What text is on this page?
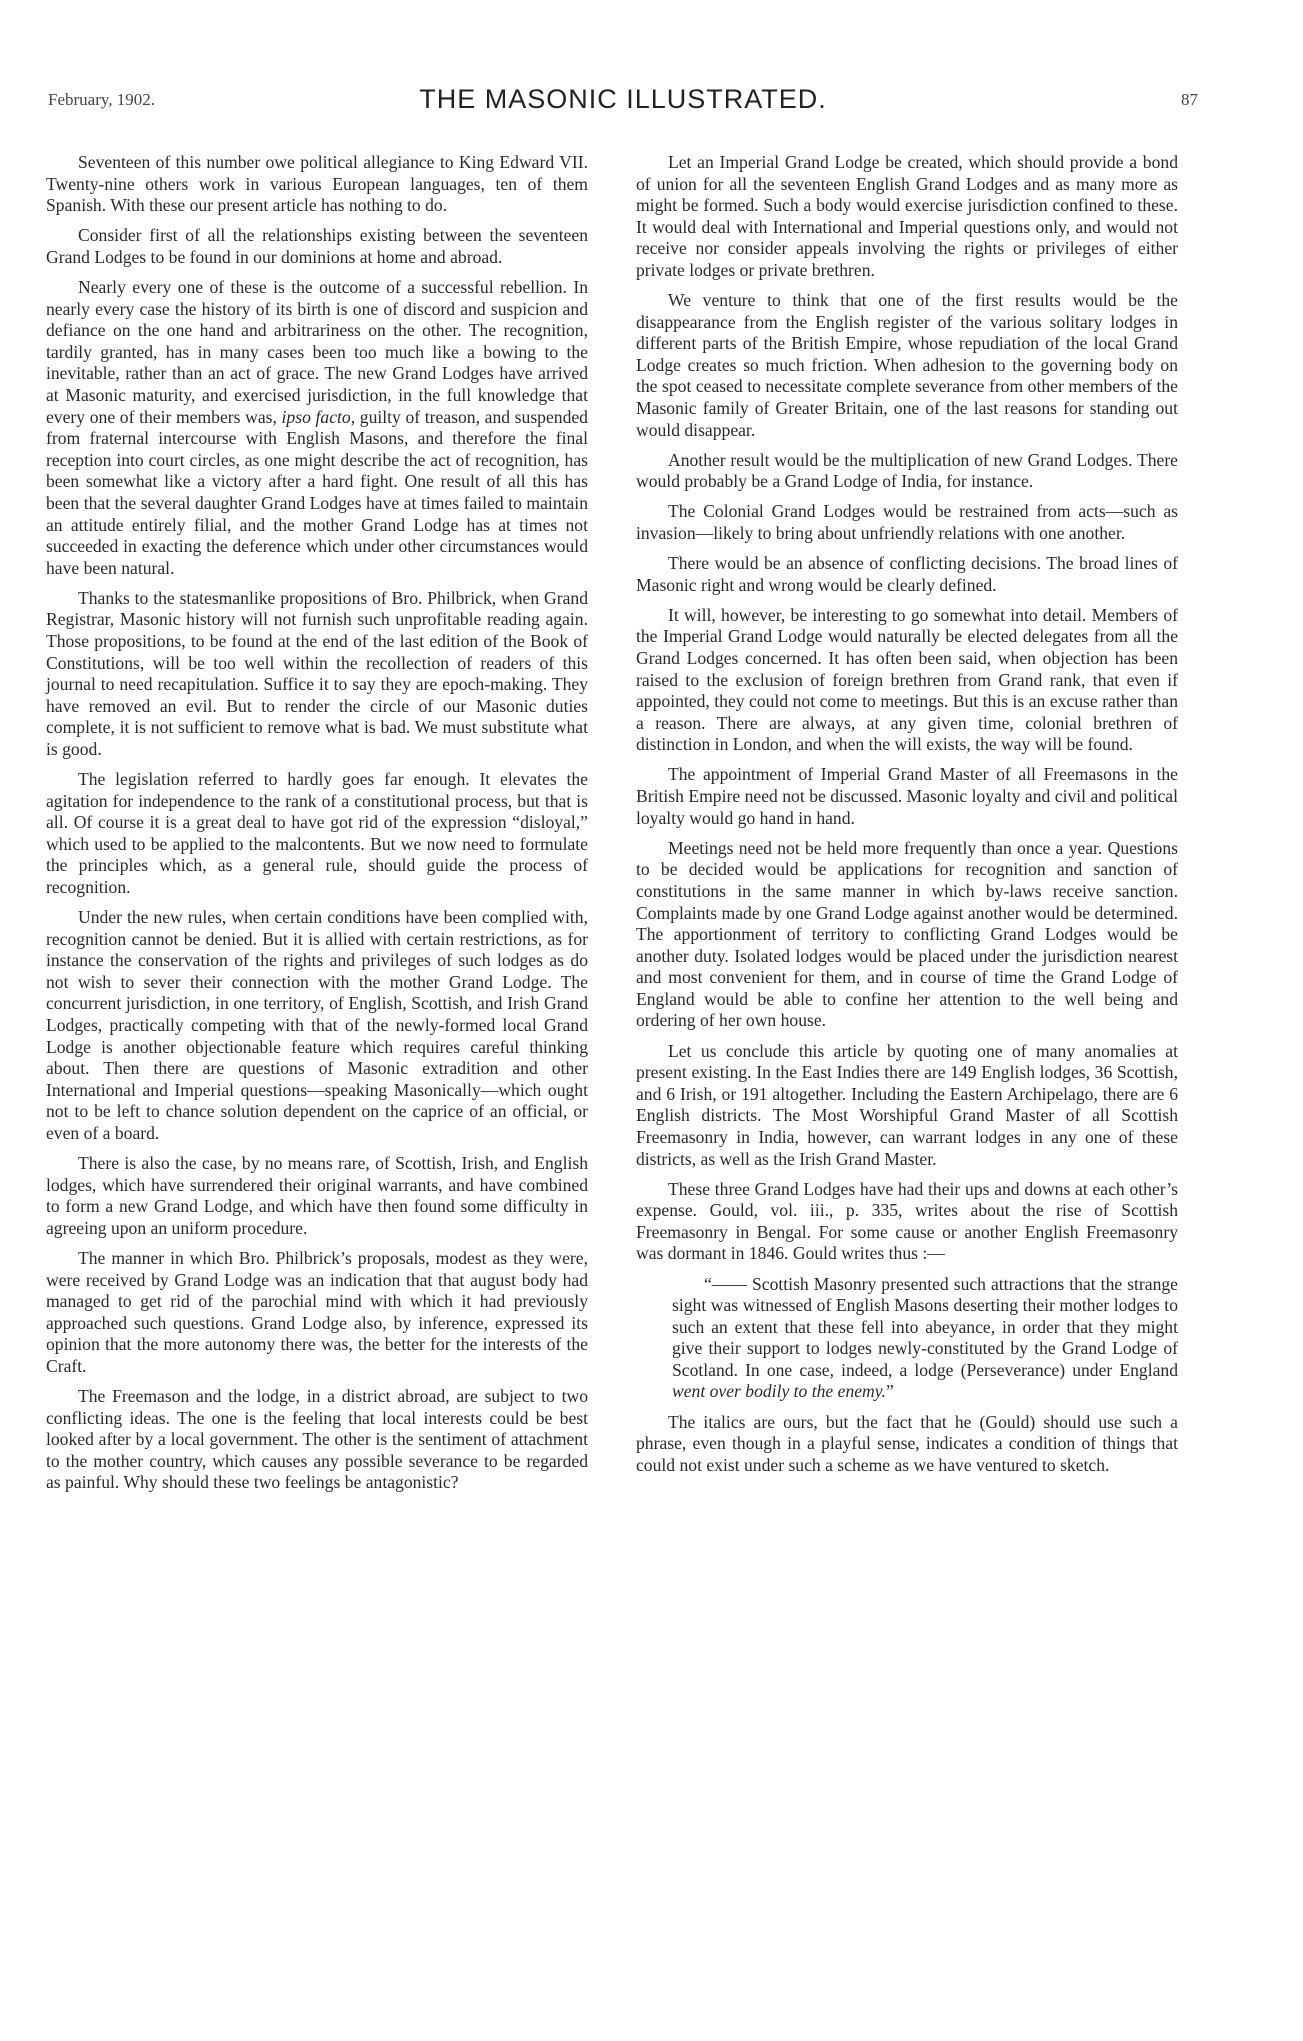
February, 1902.	THE MASONIC ILLUSTRATED.	87

Seventeen of this number owe political allegiance to King Edward VII. Twenty-nine others work in various European languages, ten of them Spanish. With these our present article has nothing to do.

Consider first of all the relationships existing between the seventeen Grand Lodges to be found in our dominions at home and abroad.

Nearly every one of these is the outcome of a successful rebellion. In nearly every case the history of its birth is one of discord and suspicion and defiance on the one hand and arbitrariness on the other. The recognition, tardily granted, has in many cases been too much like a bowing to the inevitable, rather than an act of grace. The new Grand Lodges have arrived at Masonic maturity, and exercised jurisdiction, in the full knowledge that every one of their members was, ipso facto, guilty of treason, and suspended from fraternal intercourse with English Masons, and therefore the final reception into court circles, as one might describe the act of recognition, has been somewhat like a victory after a hard fight. One result of all this has been that the several daughter Grand Lodges have at times failed to maintain an attitude entirely filial, and the mother Grand Lodge has at times not succeeded in exacting the deference which under other circumstances would have been natural.

Thanks to the statesmanlike propositions of Bro. Philbrick, when Grand Registrar, Masonic history will not furnish such unprofitable reading again. Those propositions, to be found at the end of the last edition of the Book of Constitutions, will be too well within the recollection of readers of this journal to need recapitulation. Suffice it to say they are epoch-making. They have removed an evil. But to render the circle of our Masonic duties complete, it is not sufficient to remove what is bad. We must substitute what is good.

The legislation referred to hardly goes far enough. It elevates the agitation for independence to the rank of a constitutional process, but that is all. Of course it is a great deal to have got rid of the expression “disloyal,” which used to be applied to the malcontents. But we now need to formulate the principles which, as a general rule, should guide the process of recognition.

Under the new rules, when certain conditions have been complied with, recognition cannot be denied. But it is allied with certain restrictions, as for instance the conservation of the rights and privileges of such lodges as do not wish to sever their connection with the mother Grand Lodge. The concurrent jurisdiction, in one territory, of English, Scottish, and Irish Grand Lodges, practically competing with that of the newly-formed local Grand Lodge is another objectionable feature which requires careful thinking about. Then there are questions of Masonic extradition and other International and Imperial questions—speaking Masonically—which ought not to be left to chance solution dependent on the caprice of an official, or even of a board.

There is also the case, by no means rare, of Scottish, Irish, and English lodges, which have surrendered their original warrants, and have combined to form a new Grand Lodge, and which have then found some difficulty in agreeing upon an uniform procedure.

The manner in which Bro. Philbrick’s proposals, modest as they were, were received by Grand Lodge was an indication that that august body had managed to get rid of the parochial mind with which it had previously approached such questions. Grand Lodge also, by inference, expressed its opinion that the more autonomy there was, the better for the interests of the Craft.

The Freemason and the lodge, in a district abroad, are subject to two conflicting ideas. The one is the feeling that local interests could be best looked after by a local government. The other is the sentiment of attachment to the mother country, which causes any possible severance to be regarded as painful. Why should these two feelings be antagonistic?

Let an Imperial Grand Lodge be created, which should provide a bond of union for all the seventeen English Grand Lodges and as many more as might be formed. Such a body would exercise jurisdiction confined to these. It would deal with International and Imperial questions only, and would not receive nor consider appeals involving the rights or privileges of either private lodges or private brethren.

We venture to think that one of the first results would be the disappearance from the English register of the various solitary lodges in different parts of the British Empire, whose repudiation of the local Grand Lodge creates so much friction. When adhesion to the governing body on the spot ceased to necessitate complete severance from other members of the Masonic family of Greater Britain, one of the last reasons for standing out would disappear.

Another result would be the multiplication of new Grand Lodges. There would probably be a Grand Lodge of India, for instance.

The Colonial Grand Lodges would be restrained from acts—such as invasion—likely to bring about unfriendly relations with one another.

There would be an absence of conflicting decisions. The broad lines of Masonic right and wrong would be clearly defined.

It will, however, be interesting to go somewhat into detail. Members of the Imperial Grand Lodge would naturally be elected delegates from all the Grand Lodges concerned. It has often been said, when objection has been raised to the exclusion of foreign brethren from Grand rank, that even if appointed, they could not come to meetings. But this is an excuse rather than a reason. There are always, at any given time, colonial brethren of distinction in London, and when the will exists, the way will be found.

The appointment of Imperial Grand Master of all Freemasons in the British Empire need not be discussed. Masonic loyalty and civil and political loyalty would go hand in hand.

Meetings need not be held more frequently than once a year. Questions to be decided would be applications for recognition and sanction of constitutions in the same manner in which by-laws receive sanction. Complaints made by one Grand Lodge against another would be determined. The apportionment of territory to conflicting Grand Lodges would be another duty. Isolated lodges would be placed under the jurisdiction nearest and most convenient for them, and in course of time the Grand Lodge of England would be able to confine her attention to the well being and ordering of her own house.

Let us conclude this article by quoting one of many anomalies at present existing. In the East Indies there are 149 English lodges, 36 Scottish, and 6 Irish, or 191 altogether. Including the Eastern Archipelago, there are 6 English districts. The Most Worshipful Grand Master of all Scottish Freemasonry in India, however, can warrant lodges in any one of these districts, as well as the Irish Grand Master.

These three Grand Lodges have had their ups and downs at each other’s expense. Gould, vol. iii., p. 335, writes about the rise of Scottish Freemasonry in Bengal. For some cause or another English Freemasonry was dormant in 1846. Gould writes thus :—

“—— Scottish Masonry presented such attractions that the strange sight was witnessed of English Masons deserting their mother lodges to such an extent that these fell into abeyance, in order that they might give their support to lodges newly-constituted by the Grand Lodge of Scotland. In one case, indeed, a lodge (Perseverance) under England went over bodily to the enemy.”

The italics are ours, but the fact that he (Gould) should use such a phrase, even though in a playful sense, indicates a condition of things that could not exist under such a scheme as we have ventured to sketch.
